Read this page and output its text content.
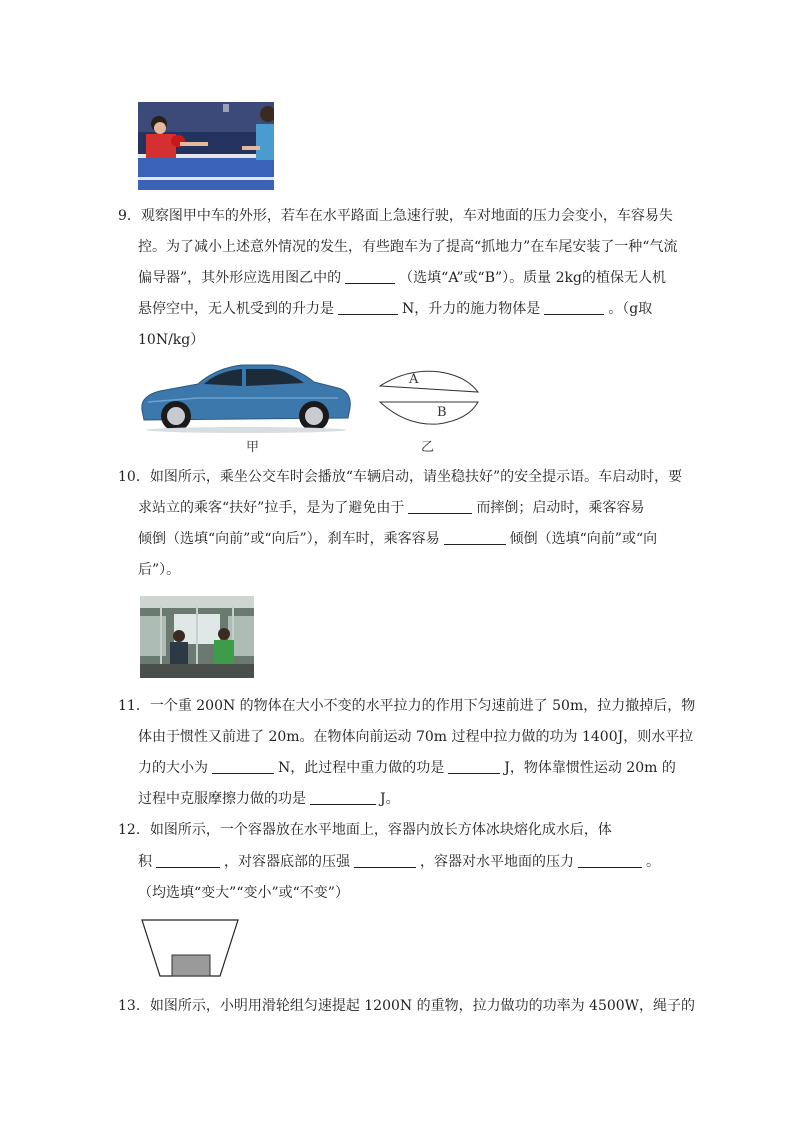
9．观察图甲中车的外形，若车在水平路面上急速行驶，车对地面的压力会变小，车容易失
控。为了减小上述意外情况的发生，有些跑车为了提高“抓地力”在车尾安装了一种“气流
偏导器”，其外形应选用图乙中的	（选填“A”或“B”）。质量 2kg的植保无人机
悬停空中，无人机受到的升力是	N，升力的施力物体是	。（g取
10N/kg）
甲
A
B
乙
10．如图所示，乘坐公交车时会播放“车辆启动，请坐稳扶好”的安全提示语。车启动时，要
求站立的乘客“扶好”拉手，是为了避免由于	而摔倒；启动时，乘客容易
倾倒（选填“向前”或“向后”），刹车时，乘客容易	倾倒（选填“向前”或“向
后”）。
11．一个重 200N 的物体在大小不变的水平拉力的作用下匀速前进了 50m，拉力撤掉后，物
体由于惯性又前进了 20m。在物体向前运动 70m 过程中拉力做的功为 1400J，则水平拉
力的大小为	N，此过程中重力做的功是	J，物体靠惯性运动 20m 的
过程中克服摩擦力做的功是	J。
12．如图所示，一个容器放在水平地面上，容器内放长方体冰块熔化成水后，体
积	，对容器底部的压强	，容器对水平地面的压力	。
（均选填“变大”“变小”或“不变”）
13．如图所示，小明用滑轮组匀速提起 1200N 的重物，拉力做功的功率为 4500W，绳子的
